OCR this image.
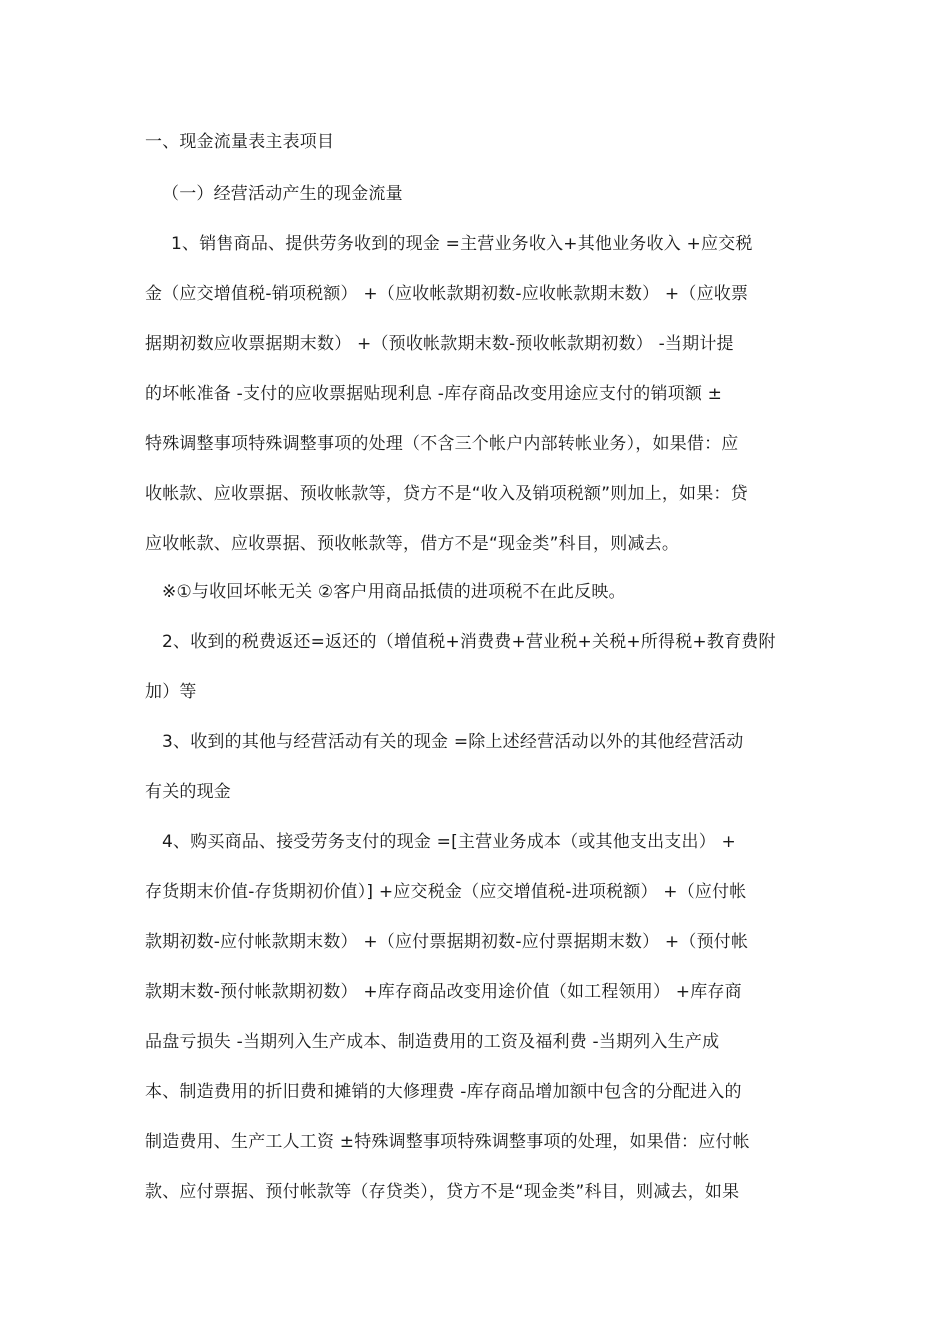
一、现金流量表主表项目
（一）经营活动产生的现金流量
1、销售商品、提供劳务收到的现金 =主营业务收入+其他业务收入 +应交税
金（应交增值税-销项税额） +（应收帐款期初数-应收帐款期末数） +（应收票
据期初数应收票据期末数） +（预收帐款期末数-预收帐款期初数） -当期计提
的坏帐准备 -支付的应收票据贴现利息 -库存商品改变用途应支付的销项额 ±
特殊调整事项特殊调整事项的处理（不含三个帐户内部转帐业务），如果借：应
收帐款、应收票据、预收帐款等，贷方不是“收入及销项税额”则加上，如果：贷
应收帐款、应收票据、预收帐款等，借方不是“现金类”科目，则减去。
※①与收回坏帐无关 ②客户用商品抵债的进项税不在此反映。
2、收到的税费返还=返还的（增值税+消费费+营业税+关税+所得税+教育费附
加）等
3、收到的其他与经营活动有关的现金 =除上述经营活动以外的其他经营活动
有关的现金
4、购买商品、接受劳务支付的现金 =[主营业务成本（或其他支出支出） +
存货期末价值-存货期初价值）] +应交税金（应交增值税-进项税额） +（应付帐
款期初数-应付帐款期末数） +（应付票据期初数-应付票据期末数） +（预付帐
款期末数-预付帐款期初数） +库存商品改变用途价值（如工程领用） +库存商
品盘亏损失 -当期列入生产成本、制造费用的工资及福利费 -当期列入生产成
本、制造费用的折旧费和摊销的大修理费 -库存商品增加额中包含的分配进入的
制造费用、生产工人工资 ±特殊调整事项特殊调整事项的处理，如果借：应付帐
款、应付票据、预付帐款等（存贷类），贷方不是“现金类”科目，则减去，如果
